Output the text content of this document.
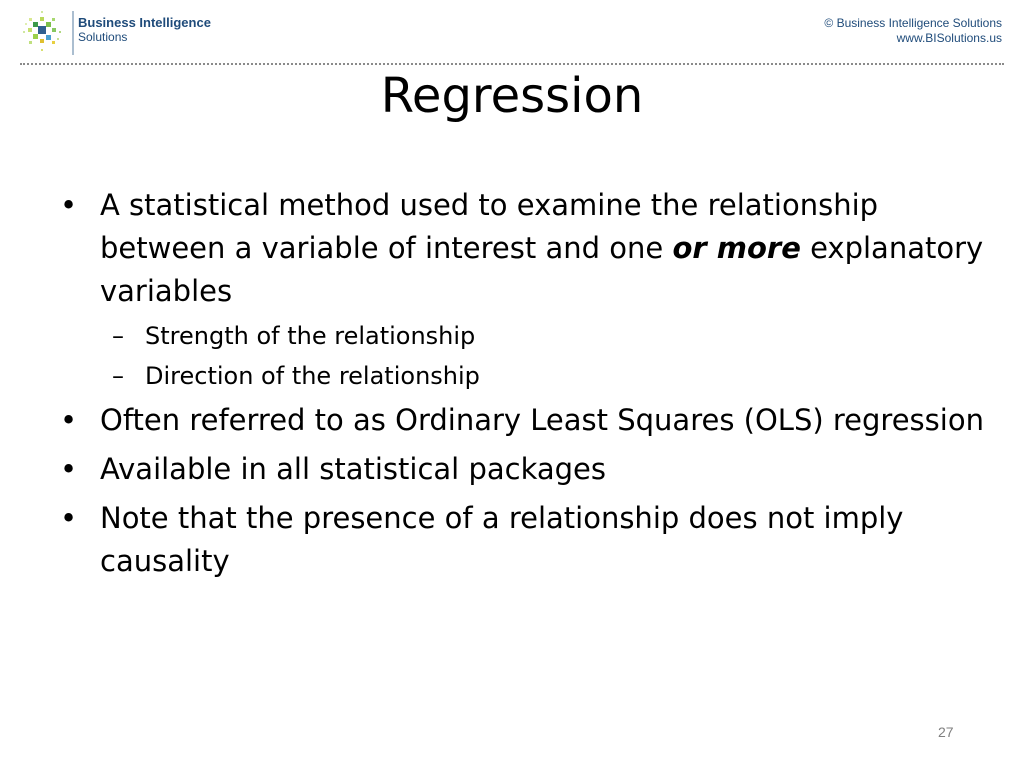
Business Intelligence
Solutions
© Business Intelligence Solutions
www.BISolutions.us
Regression
• A statistical method used to examine the relationship between a variable of interest and one or more explanatory variables
– Strength of the relationship
– Direction of the relationship
• Often referred to as Ordinary Least Squares (OLS) regression
• Available in all statistical packages
• Note that the presence of a relationship does not imply causality
27
